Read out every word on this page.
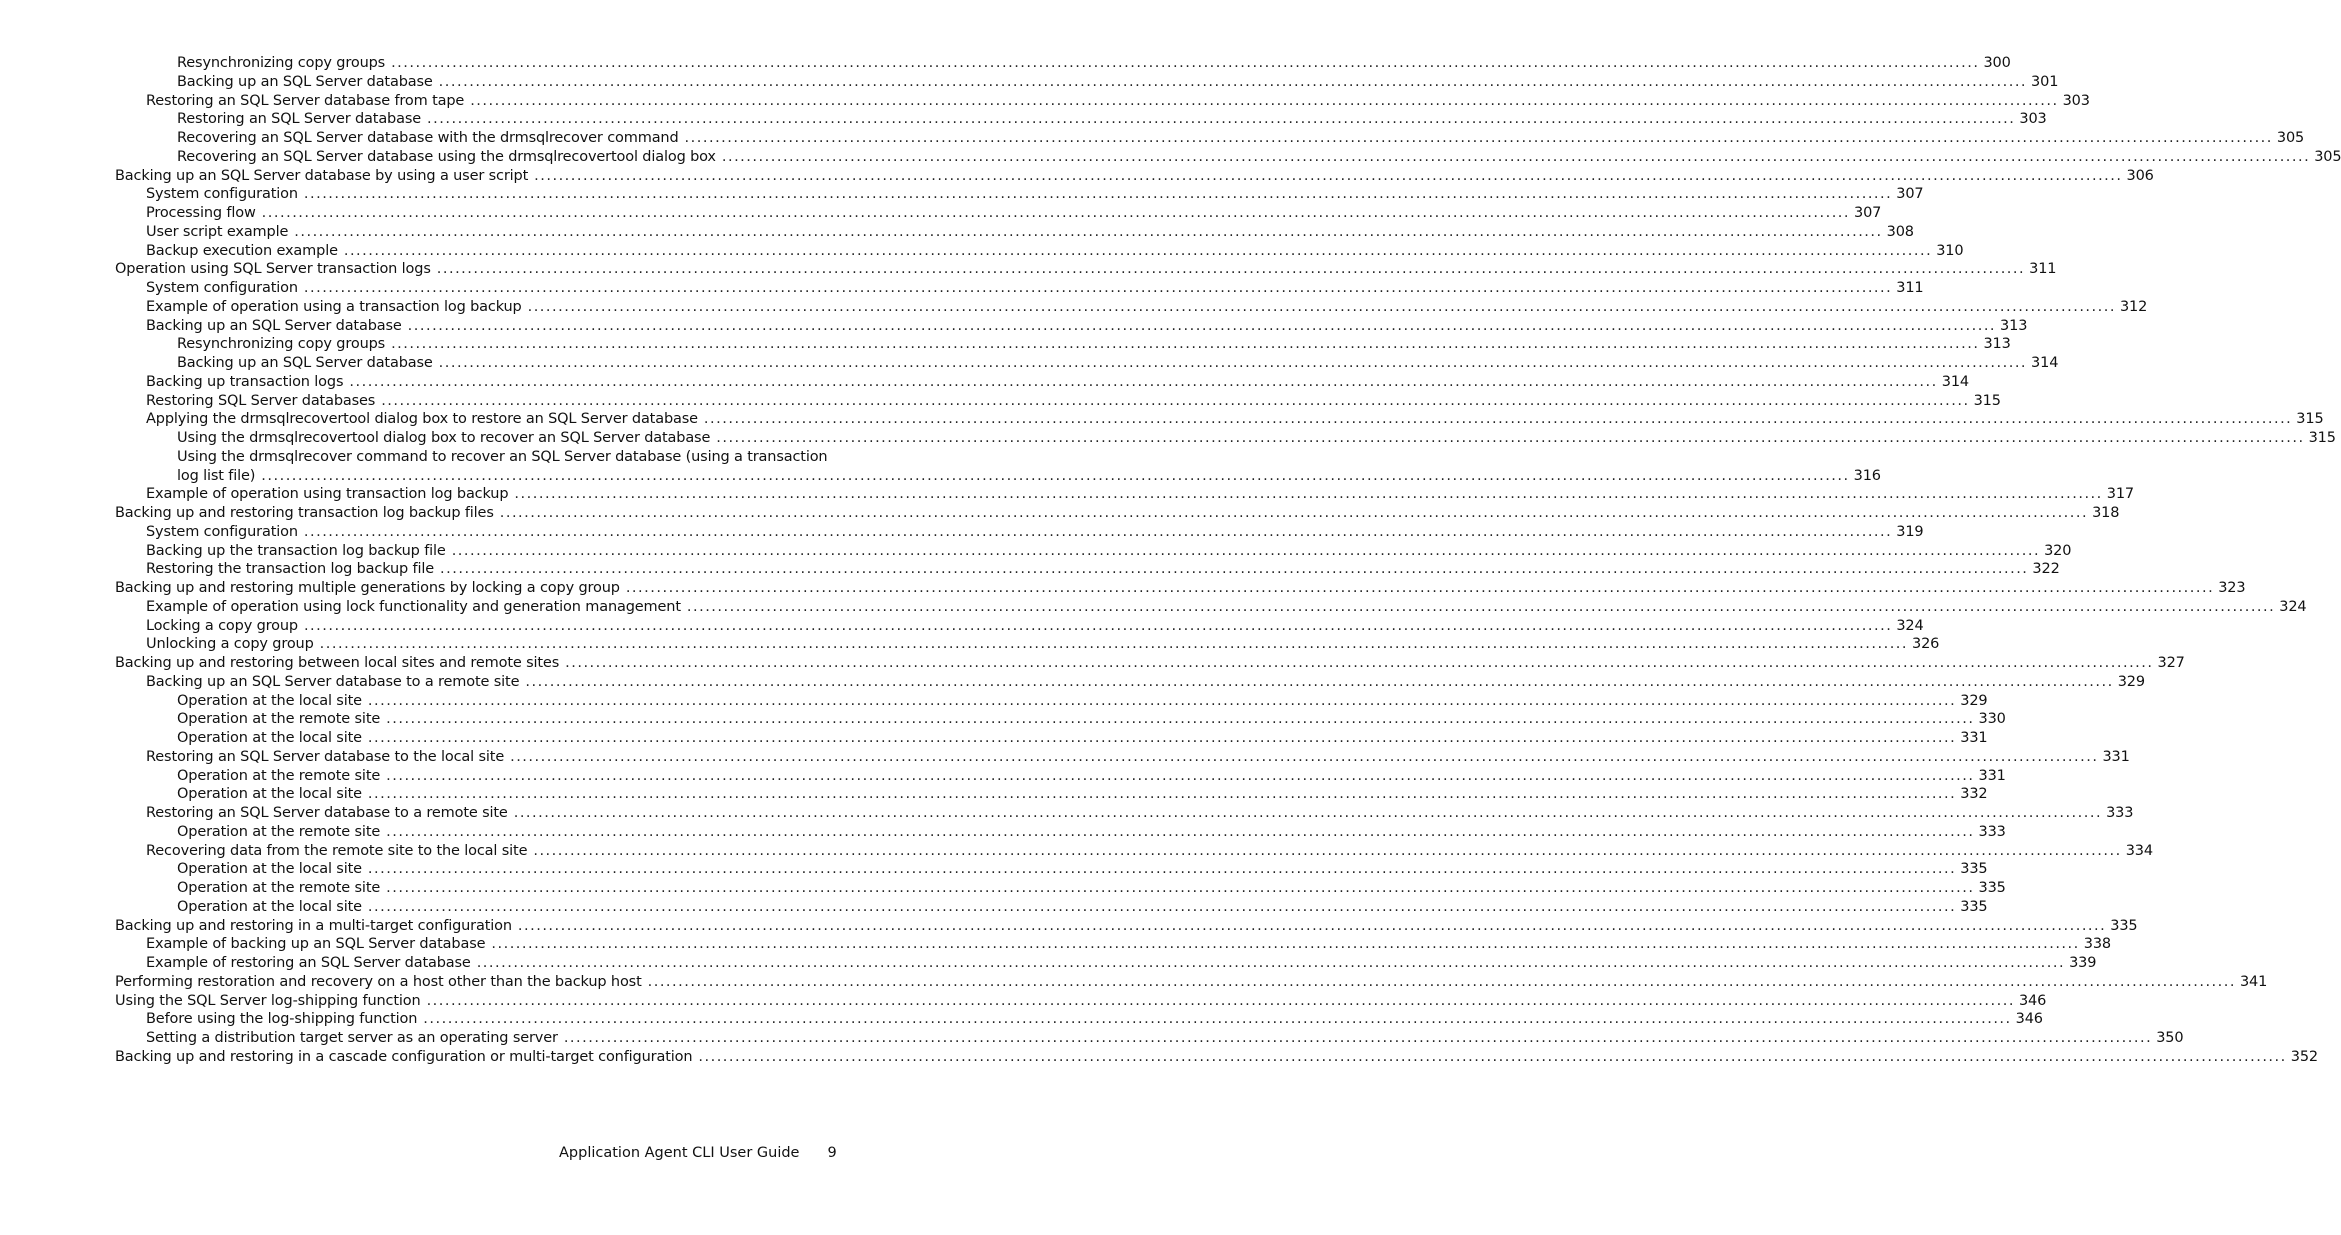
Resynchronizing copy groups .....	300
Backing up an SQL Server database .....	301
Restoring an SQL Server database from tape .....	303
Restoring an SQL Server database .....	303
Recovering an SQL Server database with the drmsqlrecover command .....	305
Recovering an SQL Server database using the drmsqlrecovertool dialog box .....	305
Backing up an SQL Server database by using a user script .....	306
System configuration .....	307
Processing flow .....	307
User script example .....	308
Backup execution example .....	310
Operation using SQL Server transaction logs .....	311
System configuration .....	311
Example of operation using a transaction log backup .....	312
Backing up an SQL Server database .....	313
Resynchronizing copy groups .....	313
Backing up an SQL Server database .....	314
Backing up transaction logs .....	314
Restoring SQL Server databases .....	315
Applying the drmsqlrecovertool dialog box to restore an SQL Server database .....	315
Using the drmsqlrecovertool dialog box to recover an SQL Server database .....	315
Using the drmsqlrecover command to recover an SQL Server database (using a transaction
log list file) .....	316
Example of operation using transaction log backup .....	317
Backing up and restoring transaction log backup files .....	318
System configuration .....	319
Backing up the transaction log backup file .....	320
Restoring the transaction log backup file .....	322
Backing up and restoring multiple generations by locking a copy group .....	323
Example of operation using lock functionality and generation management .....	324
Locking a copy group .....	324
Unlocking a copy group .....	326
Backing up and restoring between local sites and remote sites .....	327
Backing up an SQL Server database to a remote site .....	329
Operation at the local site .....	329
Operation at the remote site .....	330
Operation at the local site .....	331
Restoring an SQL Server database to the local site .....	331
Operation at the remote site .....	331
Operation at the local site .....	332
Restoring an SQL Server database to a remote site .....	333
Operation at the remote site .....	333
Recovering data from the remote site to the local site .....	334
Operation at the local site .....	335
Operation at the remote site .....	335
Operation at the local site .....	335
Backing up and restoring in a multi-target configuration .....	335
Example of backing up an SQL Server database .....	338
Example of restoring an SQL Server database .....	339
Performing restoration and recovery on a host other than the backup host .....	341
Using the SQL Server log-shipping function .....	346
Before using the log-shipping function .....	346
Setting a distribution target server as an operating server .....	350
Backing up and restoring in a cascade configuration or multi-target configuration .....	352
Application Agent CLI User Guide 9
